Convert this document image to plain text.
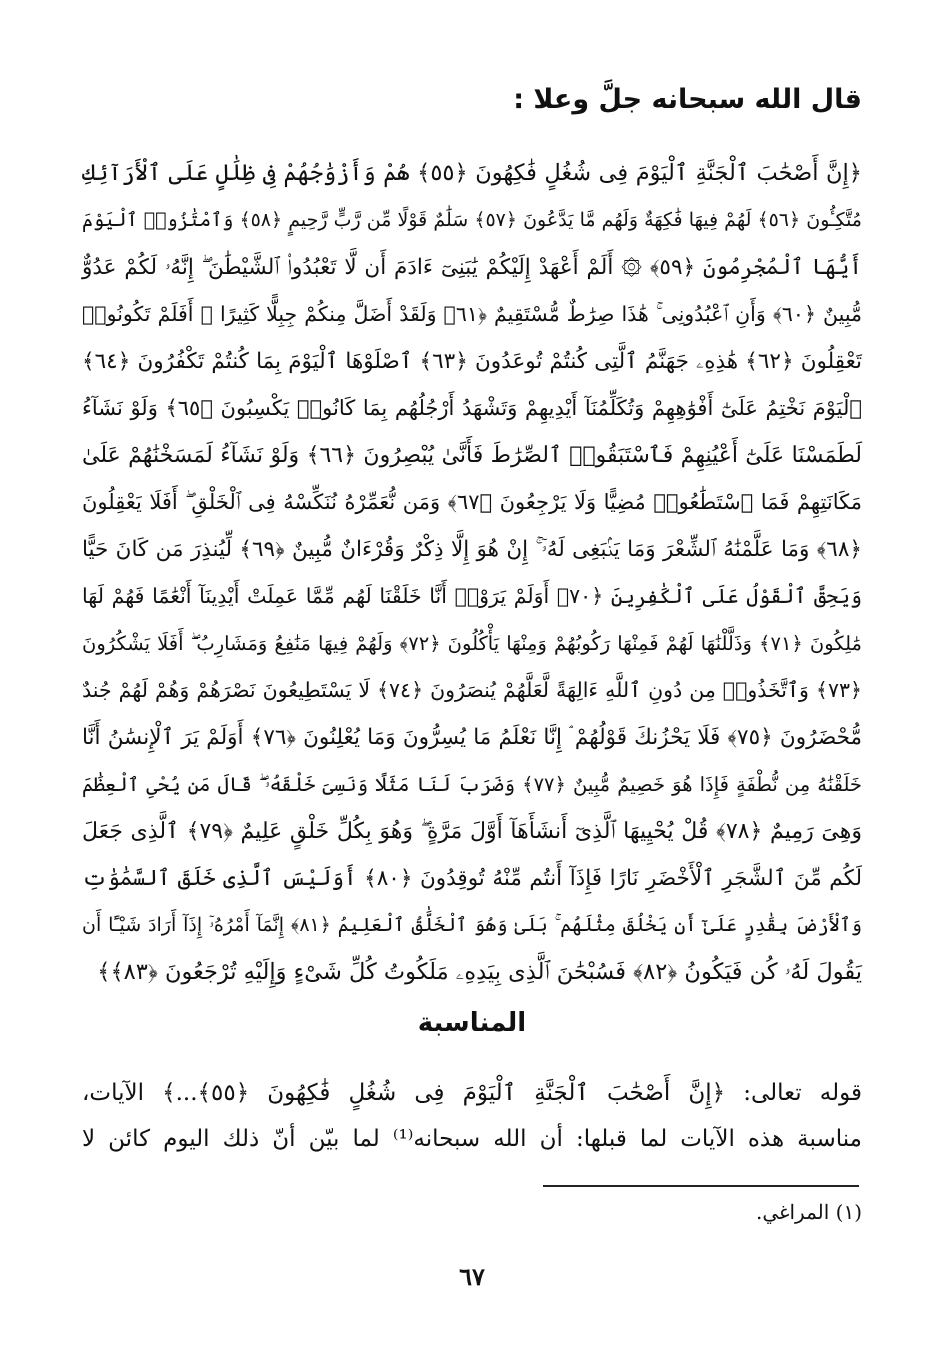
قال الله سبحانه جلَّ وعلا :
﴿إِنَّ أَصْحَٰبَ ٱلْجَنَّةِ ٱلْيَوْمَ فِى شُغُلٍ فَٰكِهُونَ ﴿٥٥﴾ هُمْ وَأَزْوَٰجُهُمْ فِى ظِلَٰلٍ عَلَى ٱلْأَرَآئِكِ
مُتَّكِـُٔونَ ﴿٥٦﴾ لَهُمْ فِيهَا فَٰكِهَةٌ وَلَهُم مَّا يَدَّعُونَ ﴿٥٧﴾ سَلَٰمٌ قَوْلًا مِّن رَّبٍّ رَّحِيمٍ ﴿٥٨﴾ وَٱمْتَٰزُوا۟ ٱلْيَوْمَ
أَيُّهَا ٱلْمُجْرِمُونَ ﴿٥٩﴾ ۞ أَلَمْ أَعْهَدْ إِلَيْكُمْ يَٰبَنِىٓ ءَادَمَ أَن لَّا تَعْبُدُوا۟ ٱلشَّيْطَٰنَ ۖ إِنَّهُۥ لَكُمْ عَدُوٌّ
مُّبِينٌ ﴿٦٠﴾ وَأَنِ ٱعْبُدُونِى ۚ هَٰذَا صِرَٰطٌ مُّسْتَقِيمٌ ﴿٦١﴾ وَلَقَدْ أَضَلَّ مِنكُمْ جِبِلًّا كَثِيرًا ۖ أَفَلَمْ تَكُونُوا۟
تَعْقِلُونَ ﴿٦٢﴾ هَٰذِهِۦ جَهَنَّمُ ٱلَّتِى كُنتُمْ تُوعَدُونَ ﴿٦٣﴾ ٱصْلَوْهَا ٱلْيَوْمَ بِمَا كُنتُمْ تَكْفُرُونَ ﴿٦٤﴾
ٱلْيَوْمَ نَخْتِمُ عَلَىٰٓ أَفْوَٰهِهِمْ وَتُكَلِّمُنَآ أَيْدِيهِمْ وَتَشْهَدُ أَرْجُلُهُم بِمَا كَانُوا۟ يَكْسِبُونَ ﴿٦٥﴾ وَلَوْ نَشَآءُ
لَطَمَسْنَا عَلَىٰٓ أَعْيُنِهِمْ فَٱسْتَبَقُوا۟ ٱلصِّرَٰطَ فَأَنَّىٰ يُبْصِرُونَ ﴿٦٦﴾ وَلَوْ نَشَآءُ لَمَسَخْنَٰهُمْ عَلَىٰ
مَكَانَتِهِمْ فَمَا ٱسْتَطَٰعُوا۟ مُضِيًّا وَلَا يَرْجِعُونَ ﴿٦٧﴾ وَمَن نُّعَمِّرْهُ نُنَكِّسْهُ فِى ٱلْخَلْقِ ۖ أَفَلَا يَعْقِلُونَ
﴿٦٨﴾ وَمَا عَلَّمْنَٰهُ ٱلشِّعْرَ وَمَا يَنۢبَغِى لَهُۥٓ ۚ إِنْ هُوَ إِلَّا ذِكْرٌ وَقُرْءَانٌ مُّبِينٌ ﴿٦٩﴾ لِّيُنذِرَ مَن كَانَ حَيًّا
وَيَحِقَّ ٱلْقَوْلُ عَلَى ٱلْكَٰفِرِينَ ﴿٧٠﴾ أَوَلَمْ يَرَوْا۟ أَنَّا خَلَقْنَا لَهُم مِّمَّا عَمِلَتْ أَيْدِينَآ أَنْعَٰمًا فَهُمْ لَهَا
مَٰلِكُونَ ﴿٧١﴾ وَذَلَّلْنَٰهَا لَهُمْ فَمِنْهَا رَكُوبُهُمْ وَمِنْهَا يَأْكُلُونَ ﴿٧٢﴾ وَلَهُمْ فِيهَا مَنَٰفِعُ وَمَشَارِبُ ۖ أَفَلَا يَشْكُرُونَ
﴿٧٣﴾ وَٱتَّخَذُوا۟ مِن دُونِ ٱللَّهِ ءَالِهَةً لَّعَلَّهُمْ يُنصَرُونَ ﴿٧٤﴾ لَا يَسْتَطِيعُونَ نَصْرَهُمْ وَهُمْ لَهُمْ جُندٌ
مُّحْضَرُونَ ﴿٧٥﴾ فَلَا يَحْزُنكَ قَوْلُهُمْ ۘ إِنَّا نَعْلَمُ مَا يُسِرُّونَ وَمَا يُعْلِنُونَ ﴿٧٦﴾ أَوَلَمْ يَرَ ٱلْإِنسَٰنُ أَنَّا
خَلَقْنَٰهُ مِن نُّطْفَةٍ فَإِذَا هُوَ خَصِيمٌ مُّبِينٌ ﴿٧٧﴾ وَضَرَبَ لَنَا مَثَلًا وَنَسِىَ خَلْقَهُۥ ۖ قَالَ مَن يُحْىِ ٱلْعِظَٰمَ
وَهِىَ رَمِيمٌ ﴿٧٨﴾ قُلْ يُحْيِيهَا ٱلَّذِىٓ أَنشَأَهَآ أَوَّلَ مَرَّةٍ ۖ وَهُوَ بِكُلِّ خَلْقٍ عَلِيمٌ ﴿٧٩﴾ ٱلَّذِى جَعَلَ
لَكُم مِّنَ ٱلشَّجَرِ ٱلْأَخْضَرِ نَارًا فَإِذَآ أَنتُم مِّنْهُ تُوقِدُونَ ﴿٨٠﴾ أَوَلَيْسَ ٱلَّذِى خَلَقَ ٱلسَّمَٰوَٰتِ
وَٱلْأَرْضَ بِقَٰدِرٍ عَلَىٰٓ أَن يَخْلُقَ مِثْلَهُم ۚ بَلَىٰ وَهُوَ ٱلْخَلَّٰقُ ٱلْعَلِيمُ ﴿٨١﴾ إِنَّمَآ أَمْرُهُۥٓ إِذَآ أَرَادَ شَيْـًٔا أَن
يَقُولَ لَهُۥ كُن فَيَكُونُ ﴿٨٢﴾ فَسُبْحَٰنَ ٱلَّذِى بِيَدِهِۦ مَلَكُوتُ كُلِّ شَىْءٍ وَإِلَيْهِ تُرْجَعُونَ ﴿٨٣﴾﴾
المناسبة
قوله تعالى: ﴿إِنَّ أَصْحَٰبَ ٱلْجَنَّةِ ٱلْيَوْمَ فِى شُغُلٍ فَٰكِهُونَ ﴿٥٥﴾...﴾ الآيات،
مناسبة هذه الآيات لما قبلها: أن الله سبحانه⁽¹⁾ لما بيّن أنّ ذلك اليوم كائن لا
(١) المراغي.
٦٧
